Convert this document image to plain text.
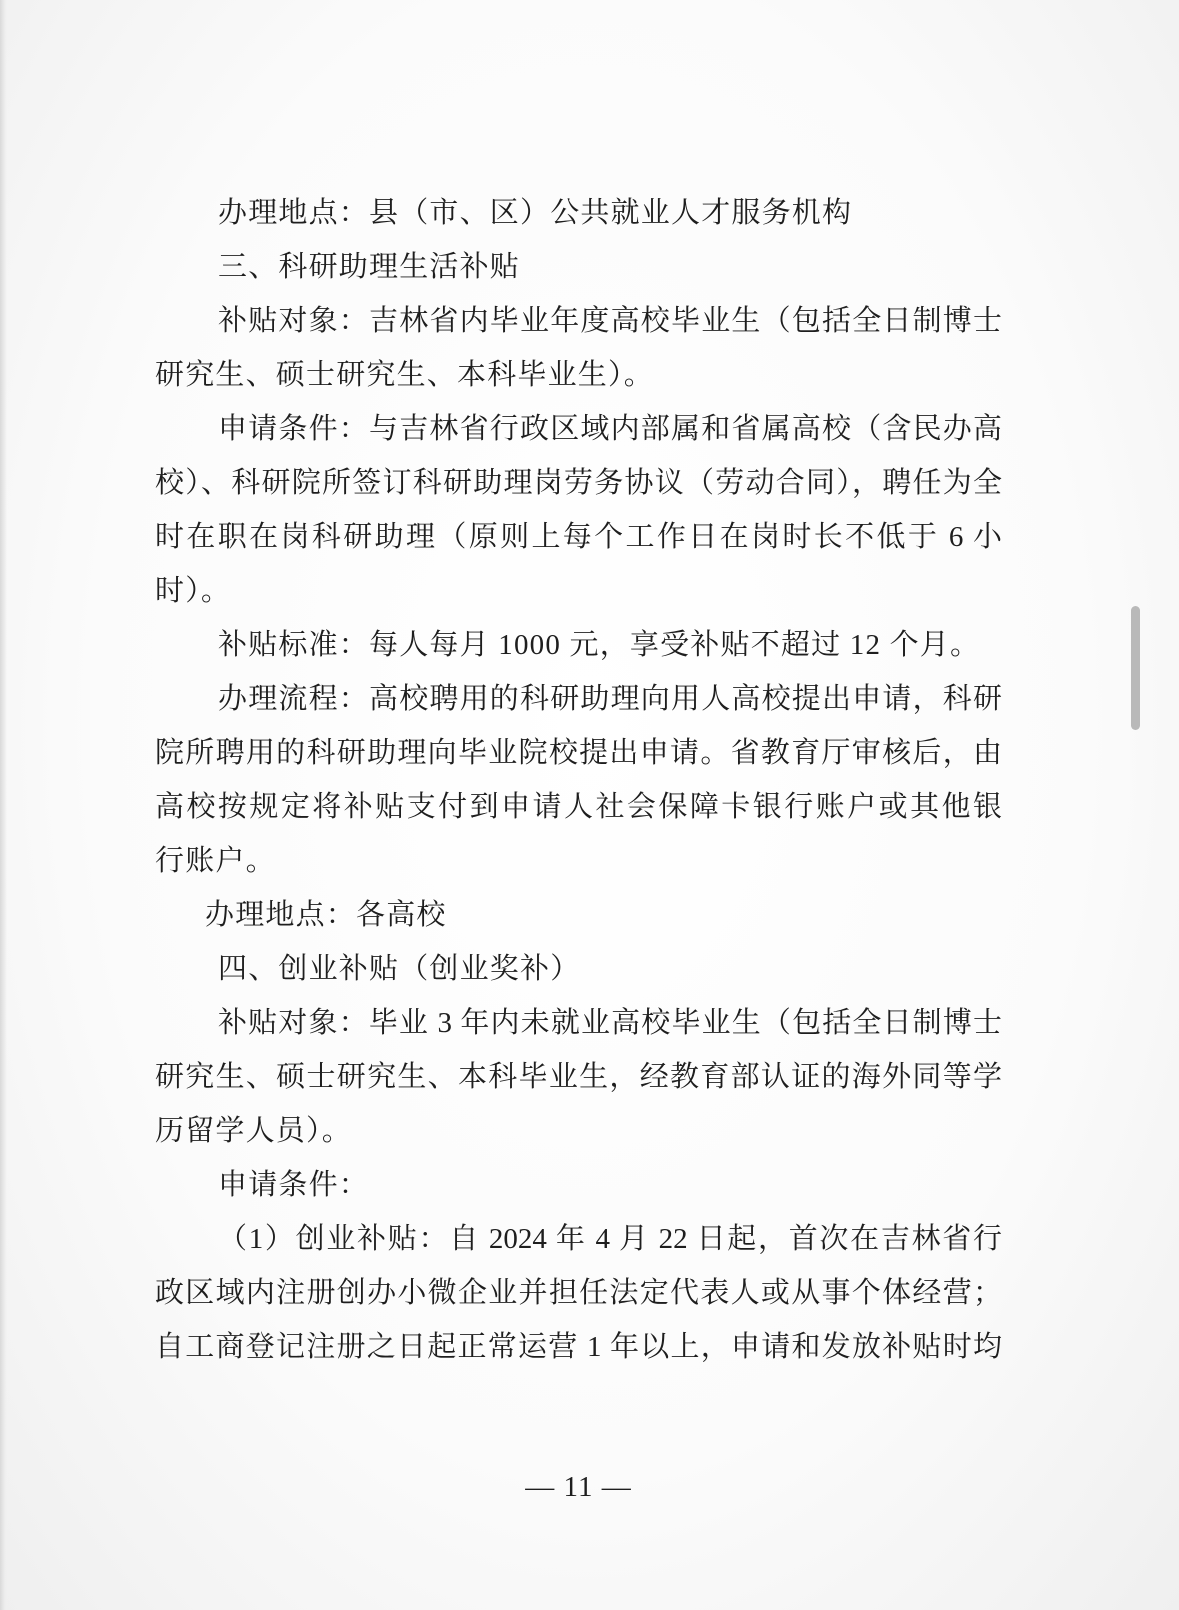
办理地点：县（市、区）公共就业人才服务机构
三、科研助理生活补贴
补贴对象：吉林省内毕业年度高校毕业生（包括全日制博士
研究生、硕士研究生、本科毕业生）。
申请条件：与吉林省行政区域内部属和省属高校（含民办高
校）、科研院所签订科研助理岗劳务协议（劳动合同），聘任为全
时在职在岗科研助理（原则上每个工作日在岗时长不低于 6 小
时）。
补贴标准：每人每月 1000 元，享受补贴不超过 12 个月。
办理流程：高校聘用的科研助理向用人高校提出申请，科研
院所聘用的科研助理向毕业院校提出申请。省教育厅审核后，由
高校按规定将补贴支付到申请人社会保障卡银行账户或其他银
行账户。
办理地点：各高校
四、创业补贴（创业奖补）
补贴对象：毕业 3 年内未就业高校毕业生（包括全日制博士
研究生、硕士研究生、本科毕业生，经教育部认证的海外同等学
历留学人员）。
申请条件：
（1）创业补贴：自 2024 年 4 月 22 日起，首次在吉林省行
政区域内注册创办小微企业并担任法定代表人或从事个体经营；
自工商登记注册之日起正常运营 1 年以上，申请和发放补贴时均
— 11 —
